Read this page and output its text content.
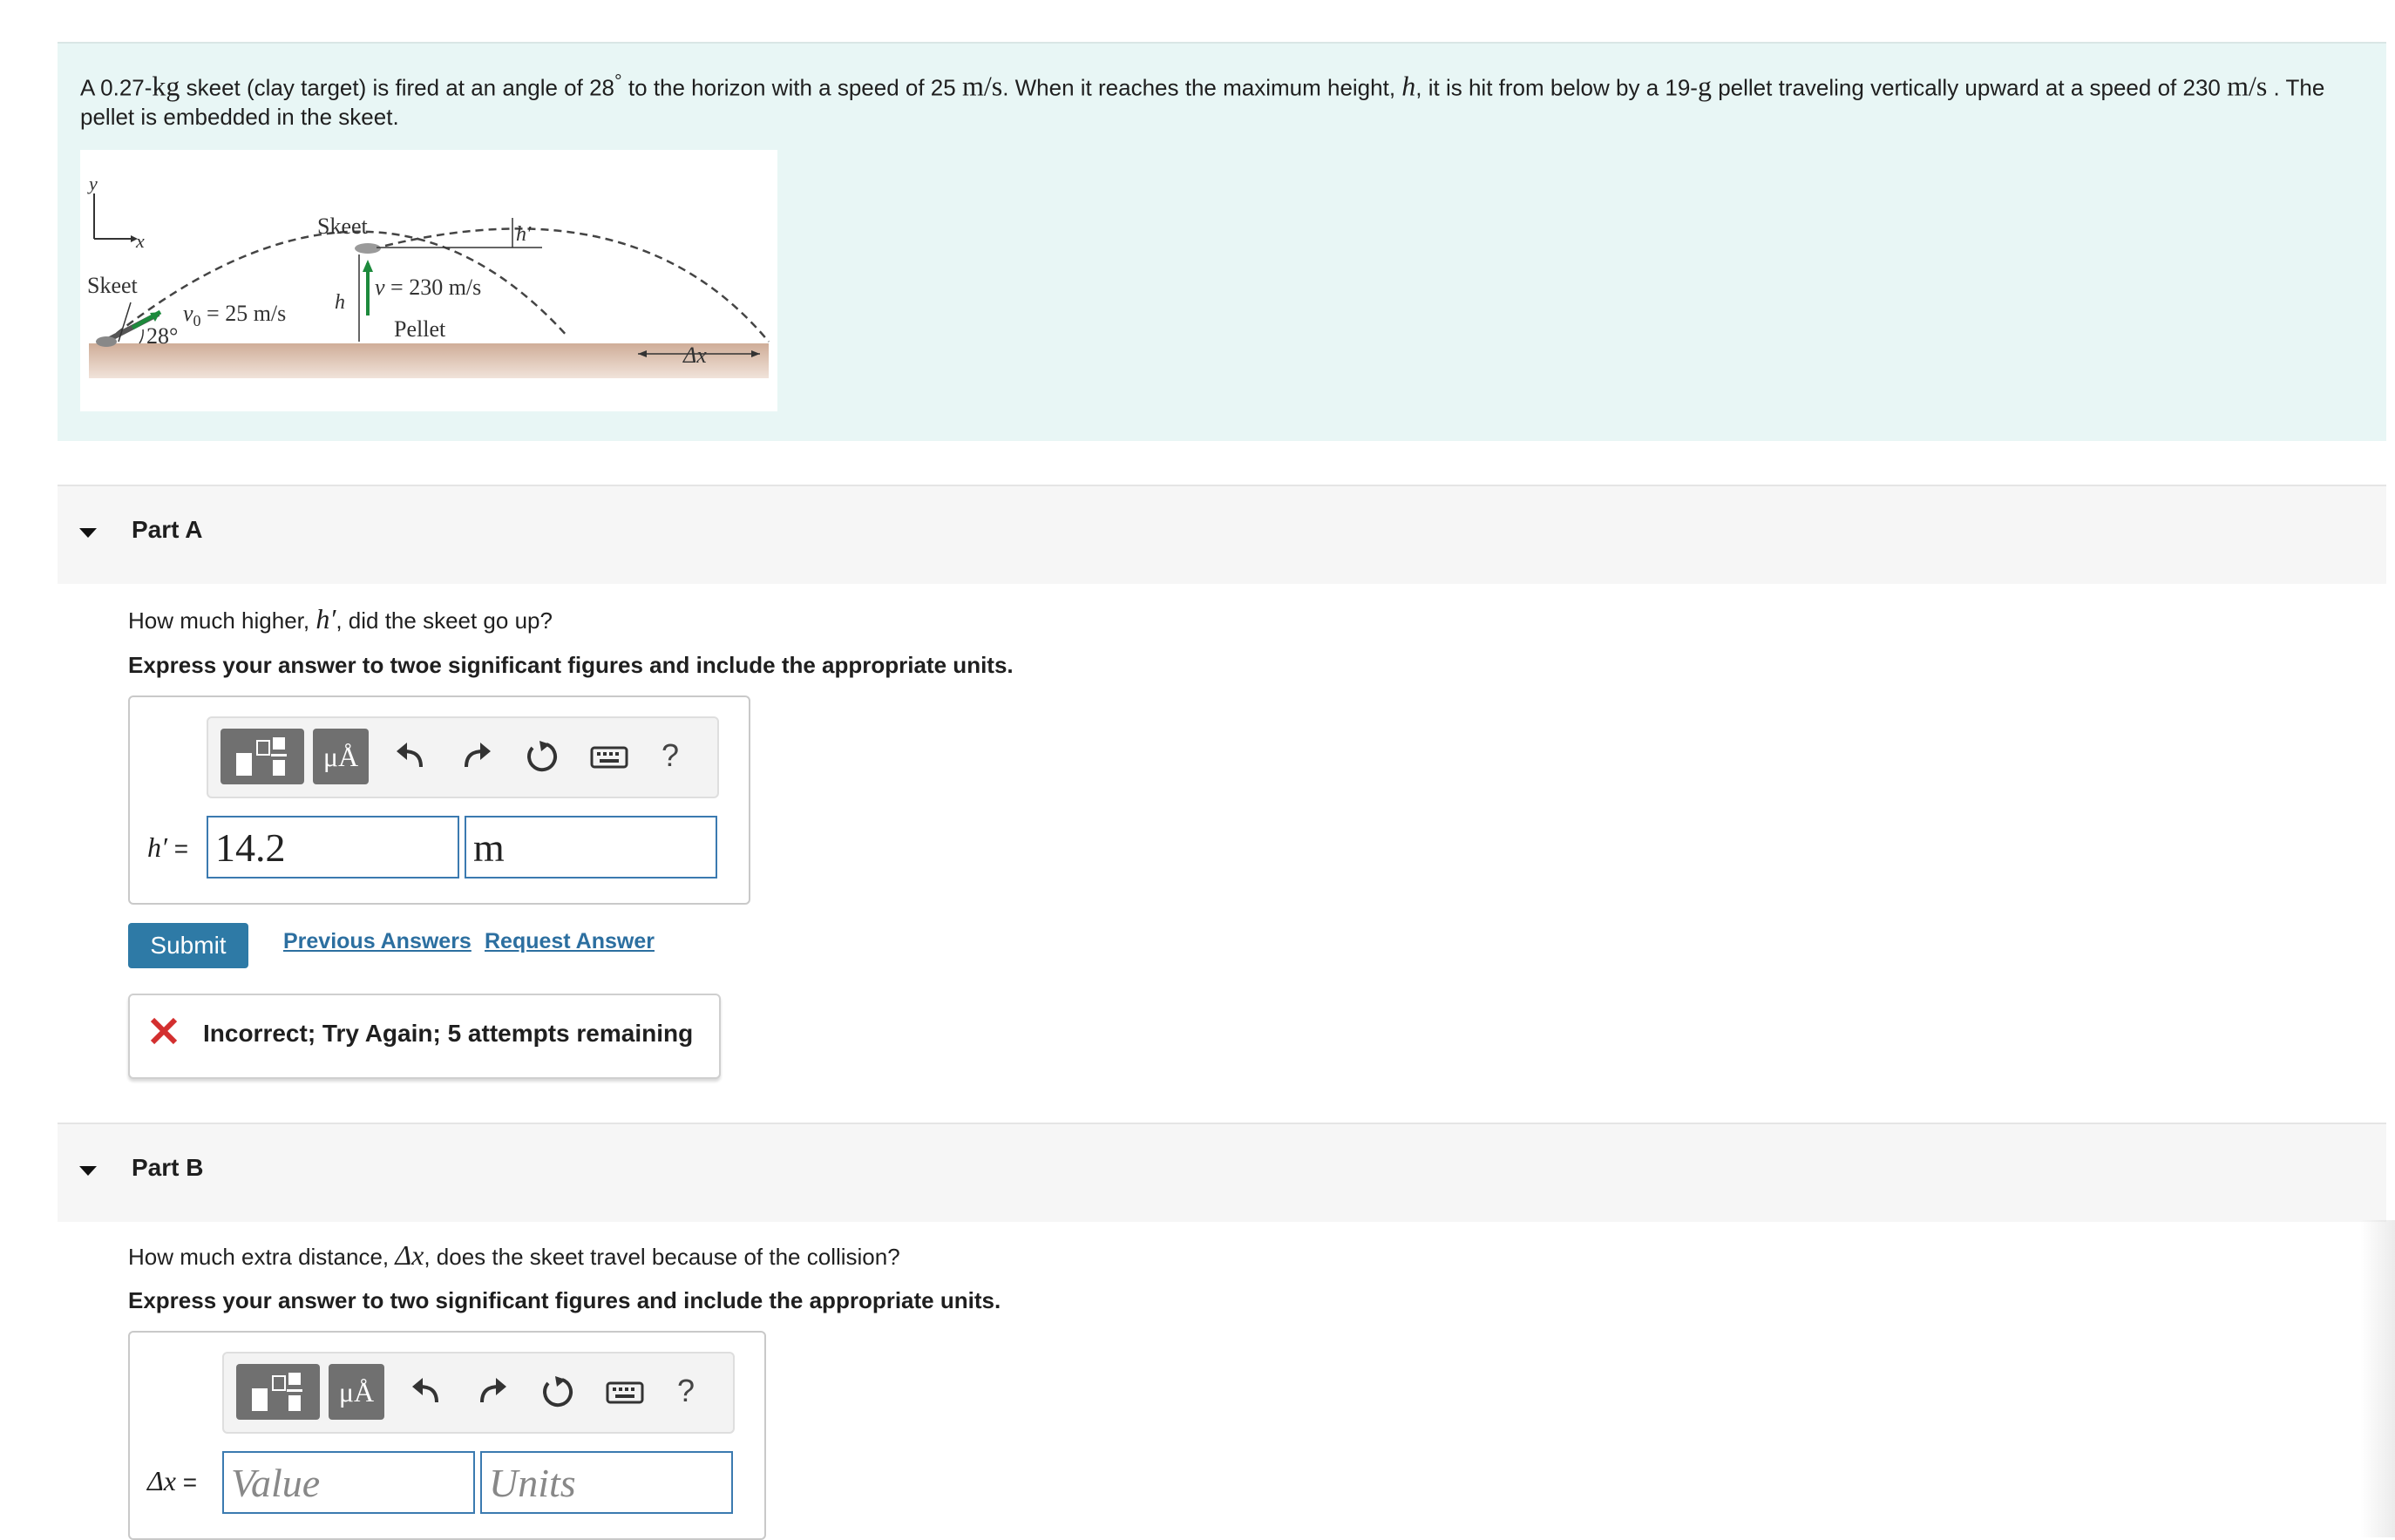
A 0.27-kg skeet (clay target) is fired at an angle of 28° to the horizon with a speed of 25 m/s. When it reaches the maximum height, h, it is hit from below by a 19-g pellet traveling vertically upward at a speed of 230 m/s . The pellet is embedded in the skeet.
y
x
Skeet
28°
$v_0 = 25$ m/s
Skeet
h
v = 230 m/s
Pellet
h′
Δx
Part A
How much higher, h′, did the skeet go up?
Express your answer to twoe significant figures and include the appropriate units.
μÅ	?
h′ =
14.2
m
Submit	Previous Answers Request Answer
Incorrect; Try Again; 5 attempts remaining
Part B
How much extra distance, Δx, does the skeet travel because of the collision?
Express your answer to two significant figures and include the appropriate units.
μÅ	?
Δx =
Value
Units
